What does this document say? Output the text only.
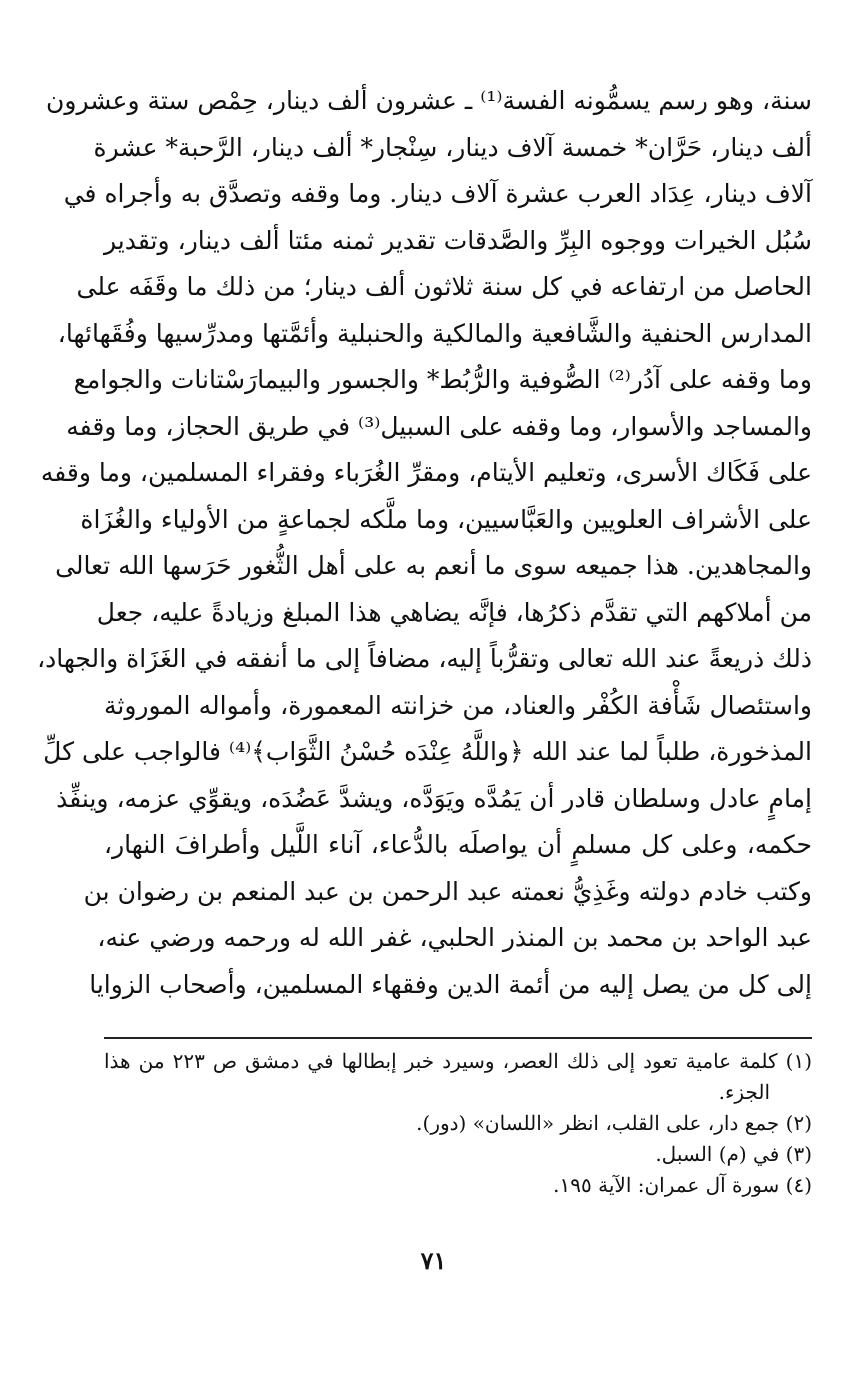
سنة، وهو رسم يسمُّونه الفسة⁽¹⁾ ـ عشرون ألف دينار، حِمْص ستة وعشرون
ألف دينار، حَرَّان* خمسة آلاف دينار، سِنْجار* ألف دينار، الرَّحبة* عشرة
آلاف دينار، عِدَاد العرب عشرة آلاف دينار. وما وقفه وتصدَّق به وأجراه في
سُبُل الخيرات ووجوه البِرِّ والصَّدقات تقدير ثمنه مئتا ألف دينار، وتقدير
الحاصل من ارتفاعه في كل سنة ثلاثون ألف دينار؛ من ذلك ما وقَفَه على
المدارس الحنفية والشَّافعية والمالكية والحنبلية وأئمَّتها ومدرِّسيها وفُقَهائها،
وما وقفه على آدُر⁽²⁾ الصُّوفية والرُّبُط* والجسور والبيمارَسْتانات والجوامع
والمساجد والأسوار، وما وقفه على السبيل⁽³⁾ في طريق الحجاز، وما وقفه
على فَكَاك الأسرى، وتعليم الأيتام، ومقرِّ الغُرَباء وفقراء المسلمين، وما وقفه
على الأشراف العلويين والعَبَّاسيين، وما ملَّكه لجماعةٍ من الأولياء والغُزَاة
والمجاهدين. هذا جميعه سوى ما أنعم به على أهل الثُّغور حَرَسها الله تعالى
من أملاكهم التي تقدَّم ذكرُها، فإنَّه يضاهي هذا المبلغ وزيادةً عليه، جعل
ذلك ذريعةً عند الله تعالى وتقرُّباً إليه، مضافاً إلى ما أنفقه في الغَزَاة والجهاد،
واستئصال شَأْفة الكُفْر والعناد، من خزانته المعمورة، وأمواله الموروثة
المذخورة، طلباً لما عند الله ﴿واللَّهُ عِنْدَه حُسْنُ الثَّوَاب﴾⁽⁴⁾ فالواجب على كلِّ
إمامٍ عادل وسلطان قادر أن يَمُدَّه ويَوَدَّه، ويشدَّ عَضُدَه، ويقوِّي عزمه، وينفِّذ
حكمه، وعلى كل مسلمٍ أن يواصلَه بالدُّعاء، آناء اللَّيل وأطرافَ النهار،
وكتب خادم دولته وغَذِيُّ نعمته عبد الرحمن بن عبد المنعم بن رضوان بن
عبد الواحد بن محمد بن المنذر الحلبي، غفر الله له ورحمه ورضي عنه،
إلى كل من يصل إليه من أئمة الدين وفقهاء المسلمين، وأصحاب الزوايا
(١) كلمة عامية تعود إلى ذلك العصر، وسيرد خبر إبطالها في دمشق ص ٢٢٣ من هذا
الجزء.
(٢) جمع دار، على القلب، انظر «اللسان» (دور).
(٣) في (م) السبل.
(٤) سورة آل عمران: الآية ١٩٥.
٧١
